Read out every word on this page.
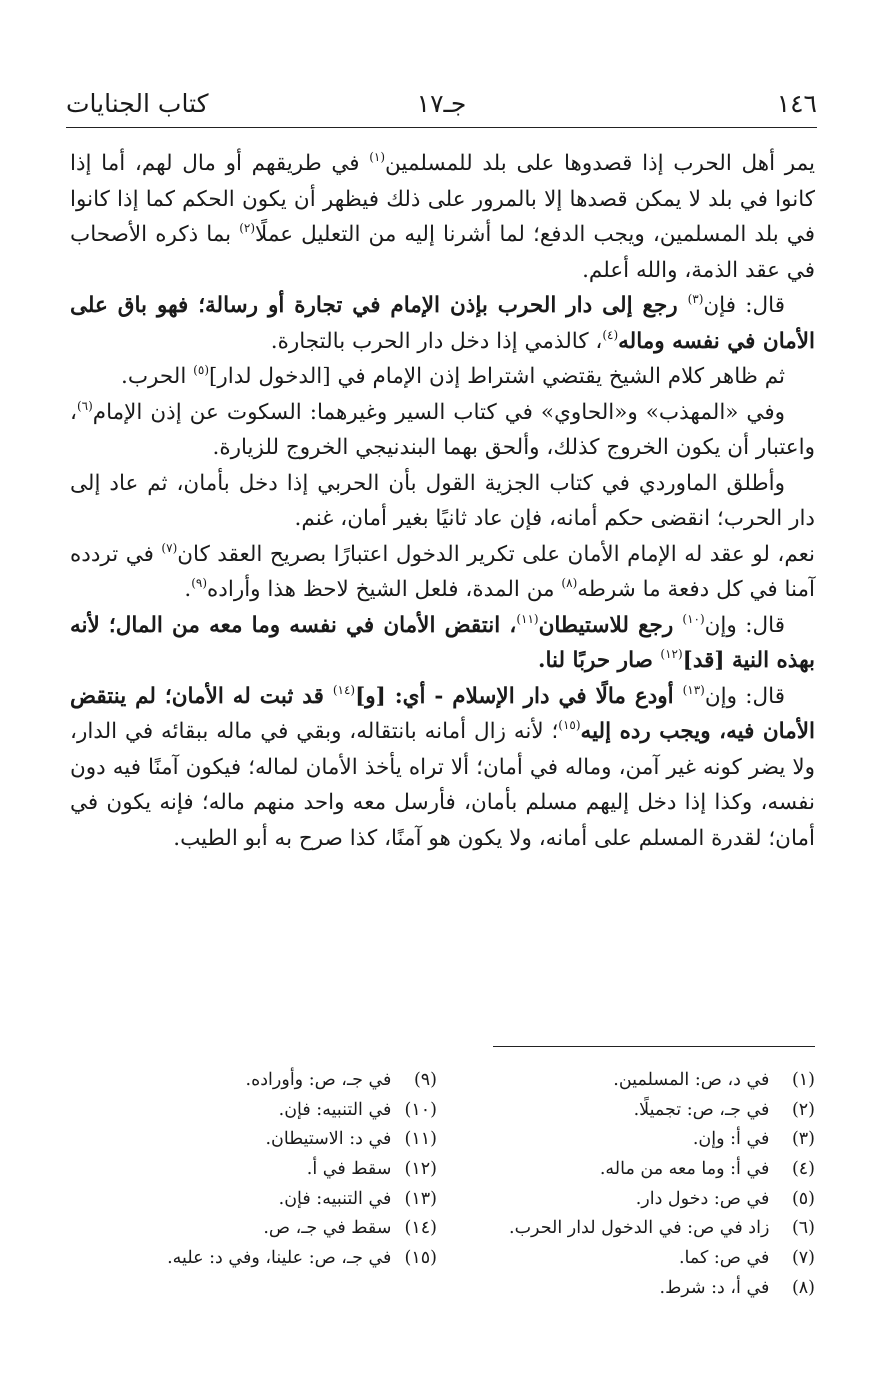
١٤٦
جـ١٧
كتاب الجنايات

يمر أهل الحرب إذا قصدوها على بلد للمسلمين$^{(١)}$ في طريقهم أو مال لهم، أما إذا كانوا في بلد لا يمكن قصدها إلا بالمرور على ذلك فيظهر أن يكون الحكم كما إذا كانوا في بلد المسلمين، ويجب الدفع؛ لما أشرنا إليه من التعليل عملًا$^{(٢)}$ بما ذكره الأصحاب في عقد الذمة، والله أعلم.

قال: فإن$^{(٣)}$ رجع إلى دار الحرب بإذن الإمام في تجارة أو رسالة؛ فهو باق على الأمان في نفسه وماله$^{(٤)}$، كالذمي إذا دخل دار الحرب بالتجارة.

ثم ظاهر كلام الشيخ يقتضي اشتراط إذن الإمام في [الدخول لدار]$^{(٥)}$ الحرب.

وفي «المهذب» و«الحاوي» في كتاب السير وغيرهما: السكوت عن إذن الإمام$^{(٦)}$، واعتبار أن يكون الخروج كذلك، وألحق بهما البندنيجي الخروج للزيارة.

وأطلق الماوردي في كتاب الجزية القول بأن الحربي إذا دخل بأمان، ثم عاد إلى دار الحرب؛ انقضى حكم أمانه، فإن عاد ثانيًا بغير أمان، غنم.

نعم، لو عقد له الإمام الأمان على تكرير الدخول اعتبارًا بصريح العقد كان$^{(٧)}$ في تردده آمنا في كل دفعة ما شرطه$^{(٨)}$ من المدة، فلعل الشيخ لاحظ هذا وأراده$^{(٩)}$.

قال: وإن$^{(١٠)}$ رجع للاستيطان$^{(١١)}$، انتقض الأمان في نفسه وما معه من المال؛ لأنه بهذه النية [قد]$^{(١٢)}$ صار حربًا لنا.

قال: وإن$^{(١٣)}$ أودع مالًا في دار الإسلام - أي: [و]$^{(١٤)}$ قد ثبت له الأمان؛ لم ينتقض الأمان فيه، ويجب رده إليه$^{(١٥)}$؛ لأنه زال أمانه بانتقاله، وبقي في ماله ببقائه في الدار، ولا يضر كونه غير آمن، وماله في أمان؛ ألا تراه يأخذ الأمان لماله؛ فيكون آمنًا فيه دون نفسه، وكذا إذا دخل إليهم مسلم بأمان، فأرسل معه واحد منهم ماله؛ فإنه يكون في أمان؛ لقدرة المسلم على أمانه، ولا يكون هو آمنًا، كذا صرح به أبو الطيب.

(١) في د، ص: المسلمين.
(٢) في جـ، ص: تجميلًا.
(٣) في أ: وإن.
(٤) في أ: وما معه من ماله.
(٥) في ص: دخول دار.
(٦) زاد في ص: في الدخول لدار الحرب.
(٧) في ص: كما.
(٨) في أ، د: شرط.
(٩) في جـ، ص: وأوراده.
(١٠) في التنبيه: فإن.
(١١) في د: الاستيطان.
(١٢) سقط في أ.
(١٣) في التنبيه: فإن.
(١٤) سقط في جـ، ص.
(١٥) في جـ، ص: علينا، وفي د: عليه.
